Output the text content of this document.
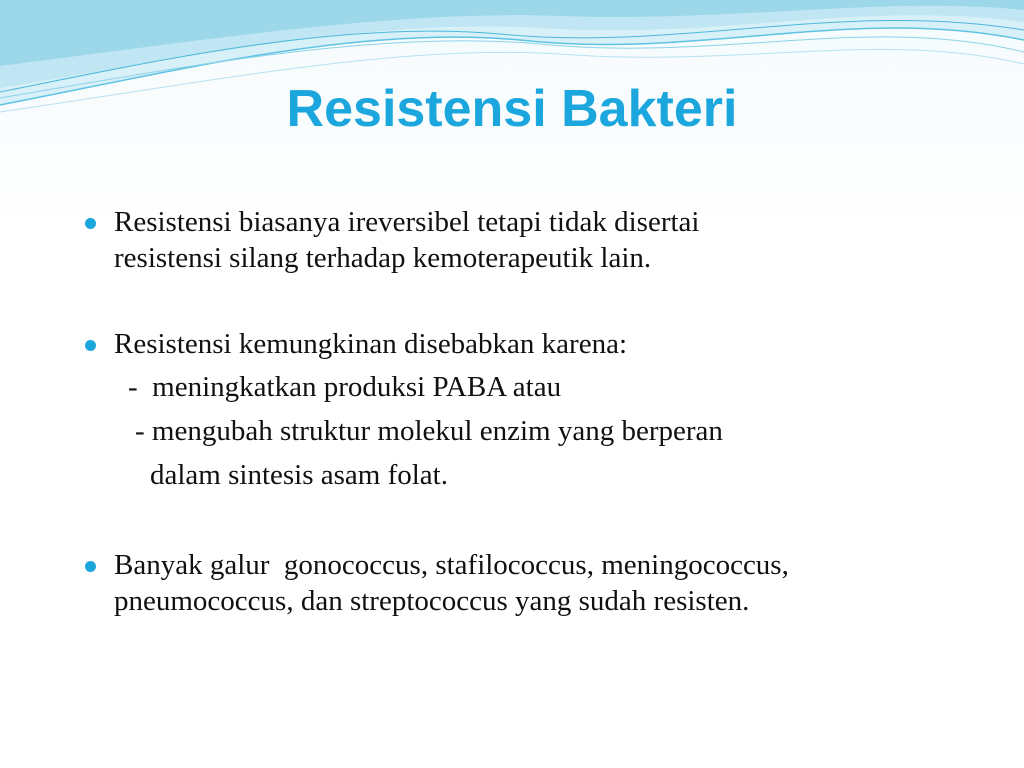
Resistensi Bakteri
Resistensi biasanya ireversibel tetapi tidak disertai
resistensi silang terhadap kemoterapeutik lain.
Resistensi kemungkinan disebabkan karena:
-  meningkatkan produksi PABA atau
- mengubah struktur molekul enzim yang berperan
dalam sintesis asam folat.
Banyak galur  gonococcus, stafilococcus, meningococcus,
pneumococcus, dan streptococcus yang sudah resisten.
